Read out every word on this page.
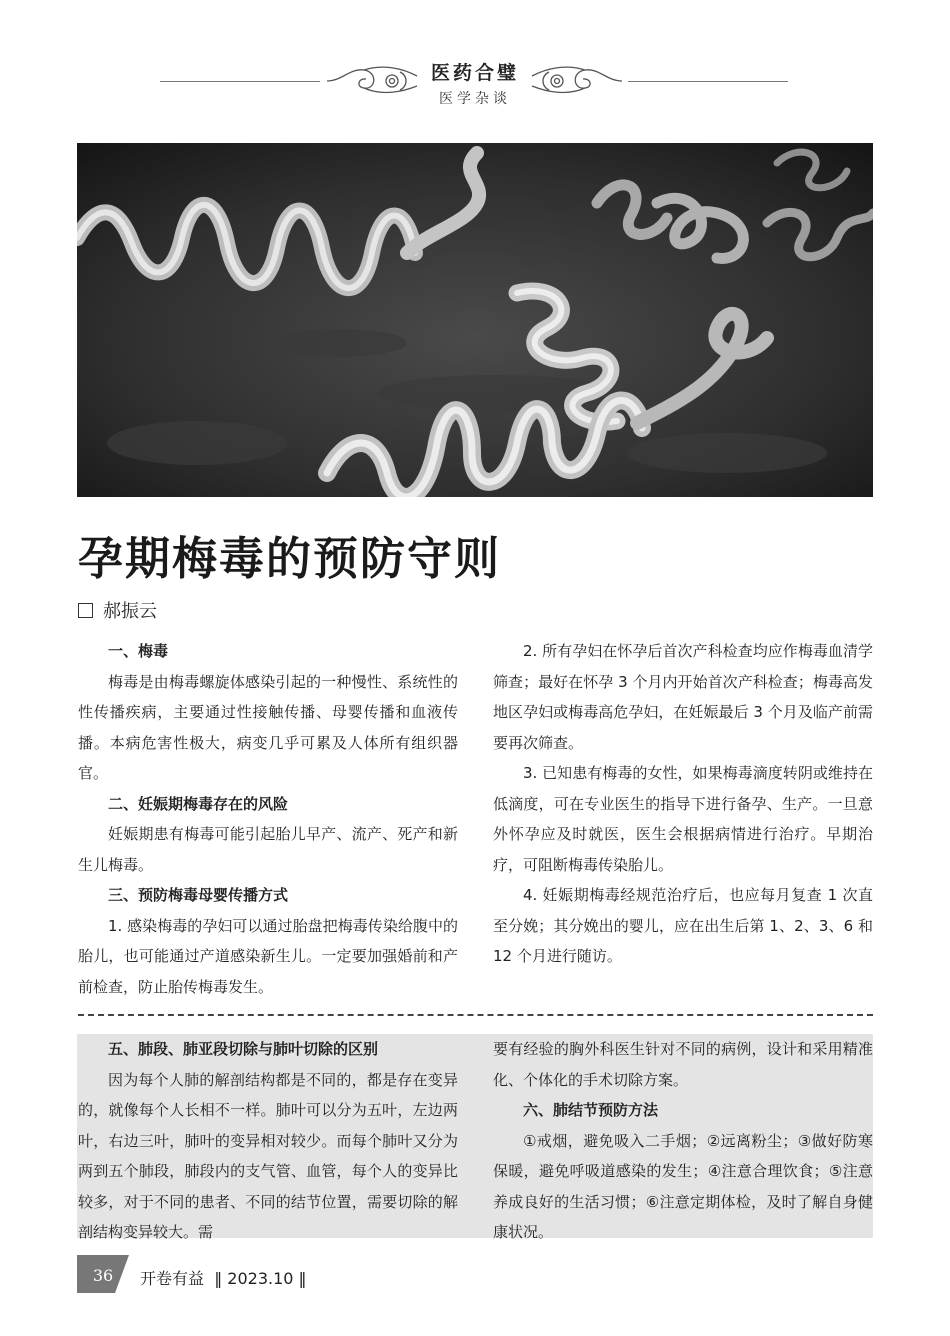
医药合璧
医学杂谈
孕期梅毒的预防守则
郝振云

一、梅毒

梅毒是由梅毒螺旋体感染引起的一种慢性、系统性的性传播疾病，主要通过性接触传播、母婴传播和血液传播。本病危害性极大，病变几乎可累及人体所有组织器官。

二、妊娠期梅毒存在的风险

妊娠期患有梅毒可能引起胎儿早产、流产、死产和新生儿梅毒。

三、预防梅毒母婴传播方式

1. 感染梅毒的孕妇可以通过胎盘把梅毒传染给腹中的胎儿，也可能通过产道感染新生儿。一定要加强婚前和产前检查，防止胎传梅毒发生。

2. 所有孕妇在怀孕后首次产科检查均应作梅毒血清学筛查；最好在怀孕 3 个月内开始首次产科检查；梅毒高发地区孕妇或梅毒高危孕妇，在妊娠最后 3 个月及临产前需要再次筛查。

3. 已知患有梅毒的女性，如果梅毒滴度转阴或维持在低滴度，可在专业医生的指导下进行备孕、生产。一旦意外怀孕应及时就医，医生会根据病情进行治疗。早期治疗，可阻断梅毒传染胎儿。

4. 妊娠期梅毒经规范治疗后，也应每月复查 1 次直至分娩；其分娩出的婴儿，应在出生后第 1、2、3、6 和 12 个月进行随访。

五、肺段、肺亚段切除与肺叶切除的区别

因为每个人肺的解剖结构都是不同的，都是存在变异的，就像每个人长相不一样。肺叶可以分为五叶，左边两叶，右边三叶，肺叶的变异相对较少。而每个肺叶又分为两到五个肺段，肺段内的支气管、血管，每个人的变异比较多，对于不同的患者、不同的结节位置，需要切除的解剖结构变异较大。需

要有经验的胸外科医生针对不同的病例，设计和采用精准化、个体化的手术切除方案。

六、肺结节预防方法

①戒烟，避免吸入二手烟；②远离粉尘；③做好防寒保暖，避免呼吸道感染的发生；④注意合理饮食；⑤注意养成良好的生活习惯；⑥注意定期体检，及时了解自身健康状况。

36	开卷有益 ‖ 2023.10 ‖
